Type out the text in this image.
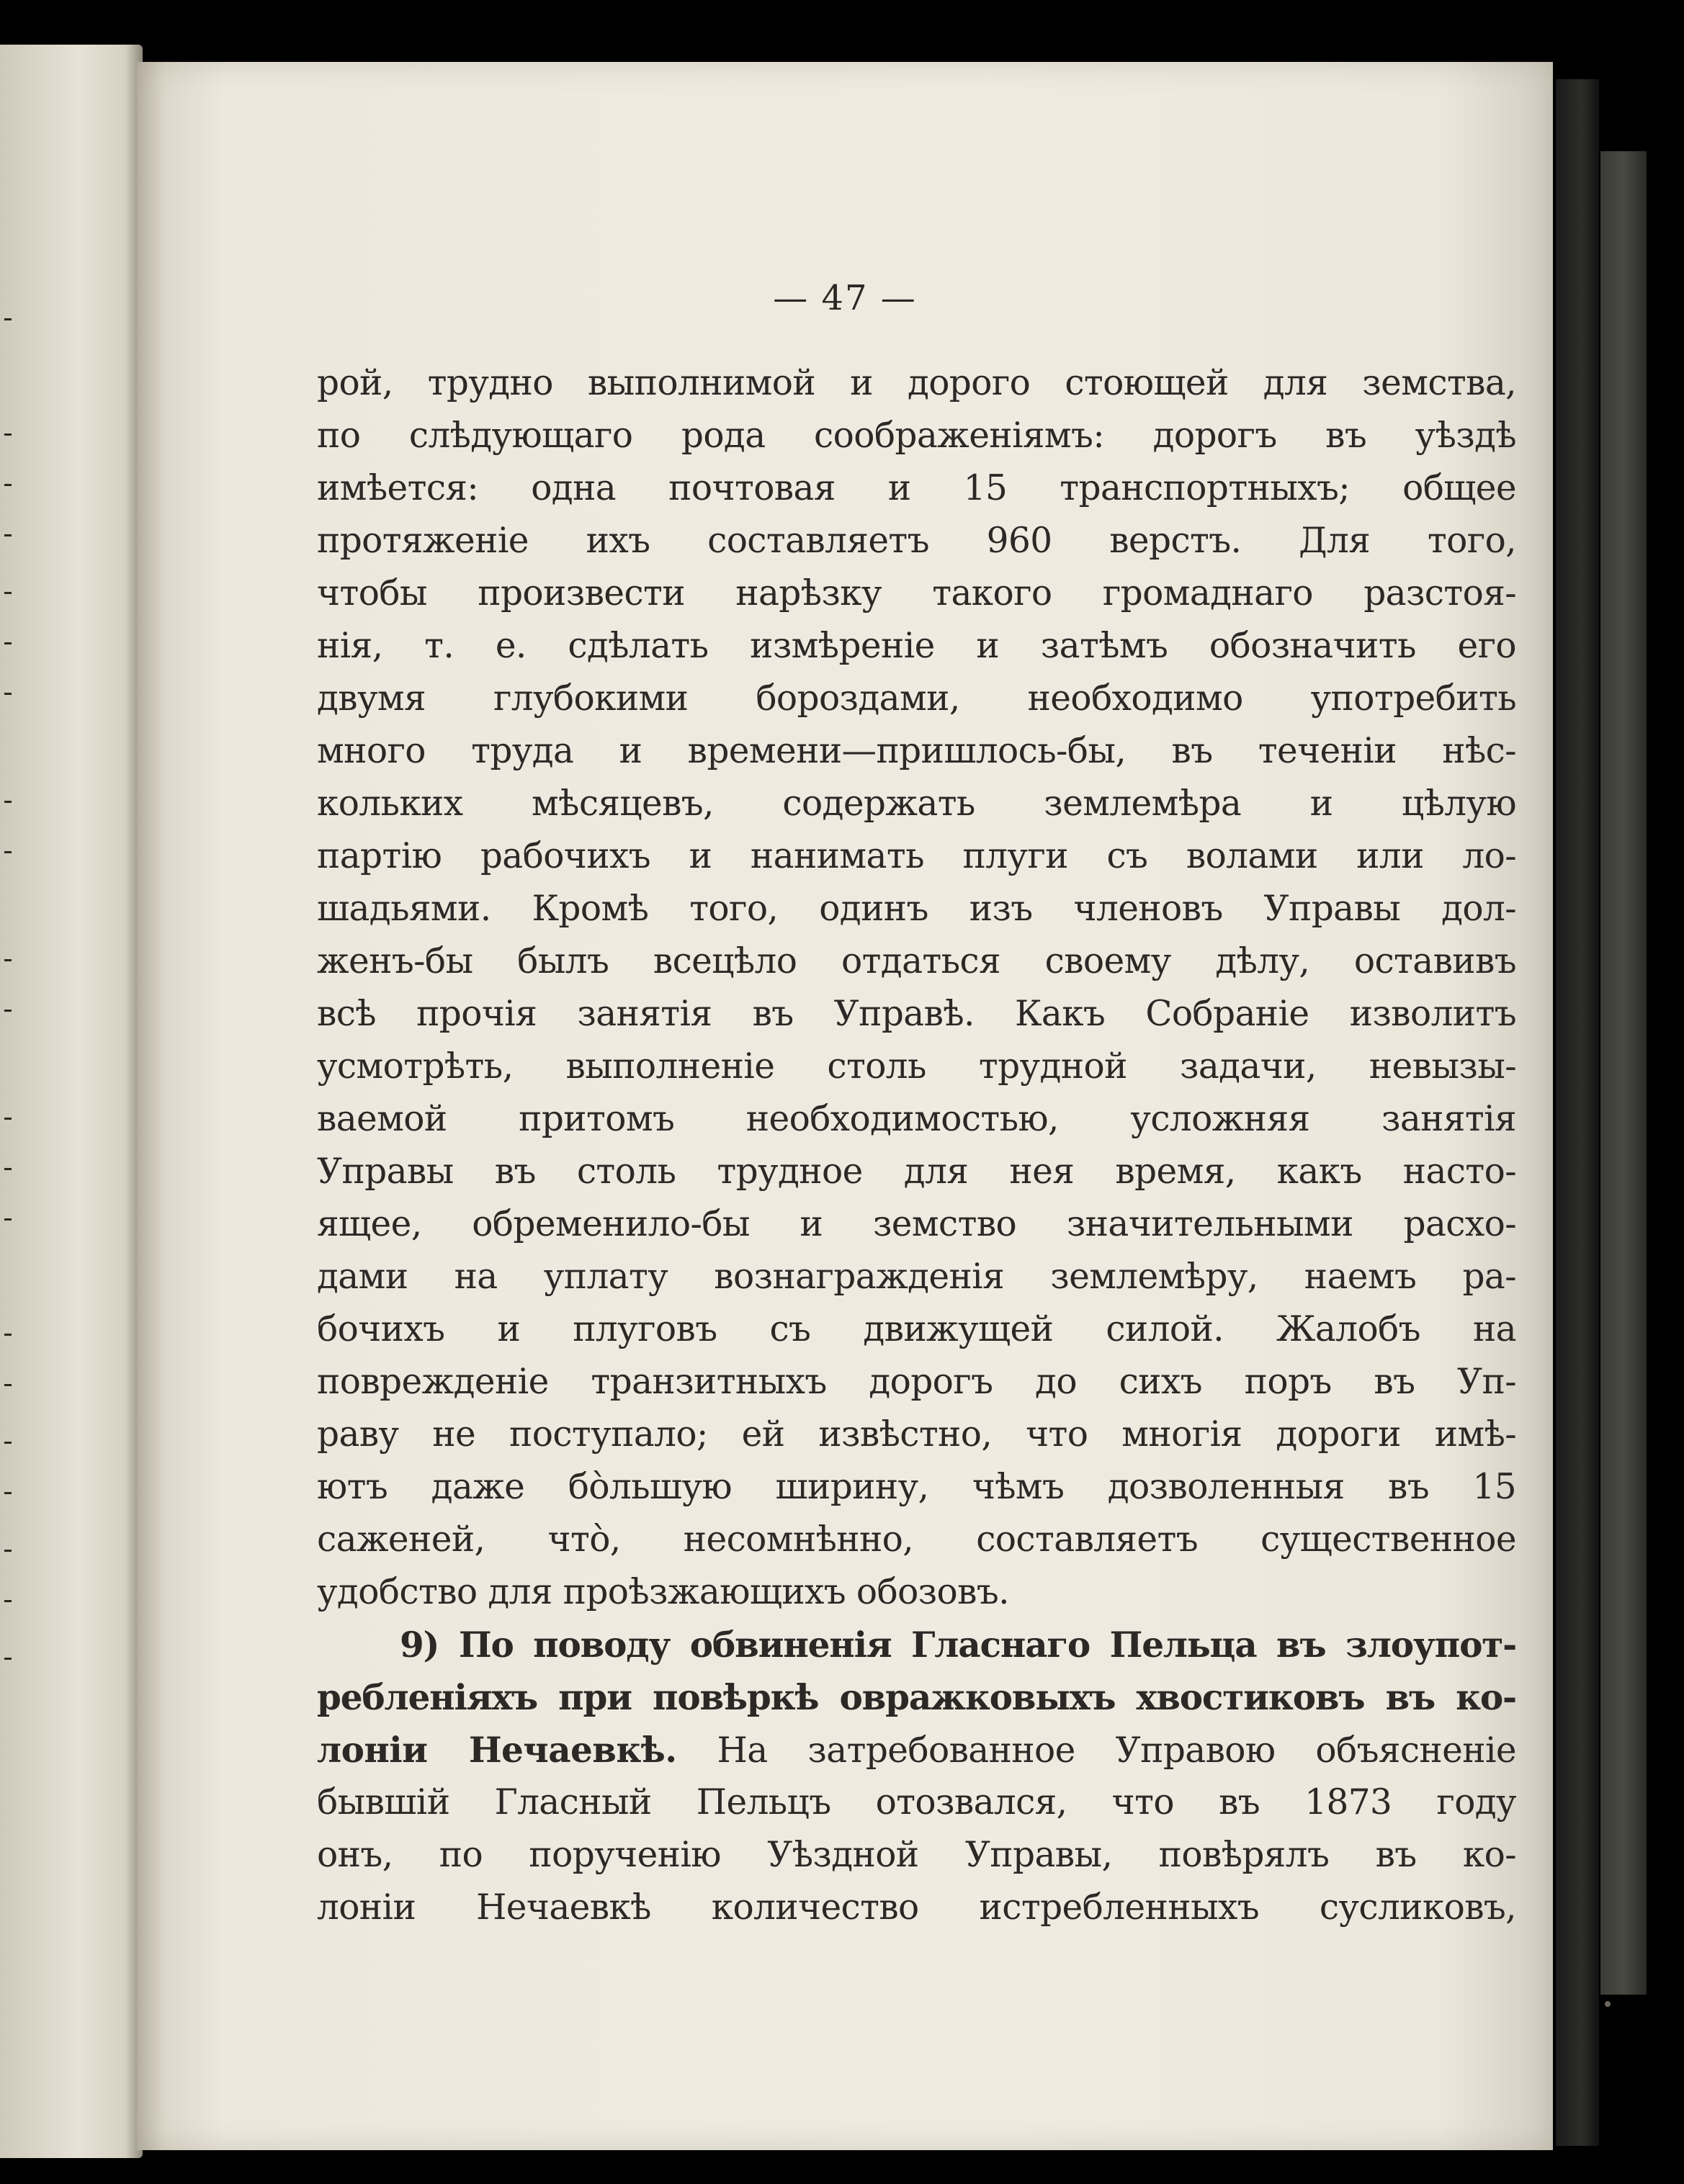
— 47 —
рой, трудно выполнимой и дорого стоющей для земства,
по слѣдующаго рода соображеніямъ: дорогъ въ уѣздѣ
имѣется: одна почтовая и 15 транспортныхъ; общее
протяженіе ихъ составляетъ 960 верстъ. Для того,
чтобы произвести нарѣзку такого громаднаго разстоя-
нія, т. е. сдѣлать измѣреніе и затѣмъ обозначить его
двумя глубокими бороздами, необходимо употребить
много труда и времени—пришлось-бы, въ теченіи нѣс-
кольких мѣсяцевъ, содержать землемѣра и цѣлую
партію рабочихъ и нанимать плуги съ волами или ло-
шадьями. Кромѣ того, одинъ изъ членовъ Управы дол-
женъ-бы былъ всецѣло отдаться своему дѣлу, оставивъ
всѣ прочія занятія въ Управѣ. Какъ Собраніе изволитъ
усмотрѣть, выполненіе столь трудной задачи, невызы-
ваемой притомъ необходимостью, усложняя занятія
Управы въ столь трудное для нея время, какъ насто-
ящее, обременило-бы и земство значительными расхо-
дами на уплату вознагражденія землемѣру, наемъ ра-
бочихъ и плуговъ съ движущей силой. Жалобъ на
поврежденіе транзитныхъ дорогъ до сихъ поръ въ Уп-
раву не поступало; ей извѣстно, что многія дороги имѣ-
ютъ даже бо̀льшую ширину, чѣмъ дозволенныя въ 15
саженей, что̀, несомнѣнно, составляетъ существенное
удобство для проѣзжающихъ обозовъ.
9) По поводу обвиненія Гласнаго Пельца въ злоупот-
ребленіяхъ при повѣркѣ овражковыхъ хвостиковъ въ ко-
лоніи Нечаевкѣ. На затребованное Управою объясненіе
бывшій Гласный Пельцъ отозвался, что въ 1873 году
онъ, по порученію Уѣздной Управы, повѣрялъ въ ко-
лоніи Нечаевкѣ количество истребленныхъ сусликовъ,
